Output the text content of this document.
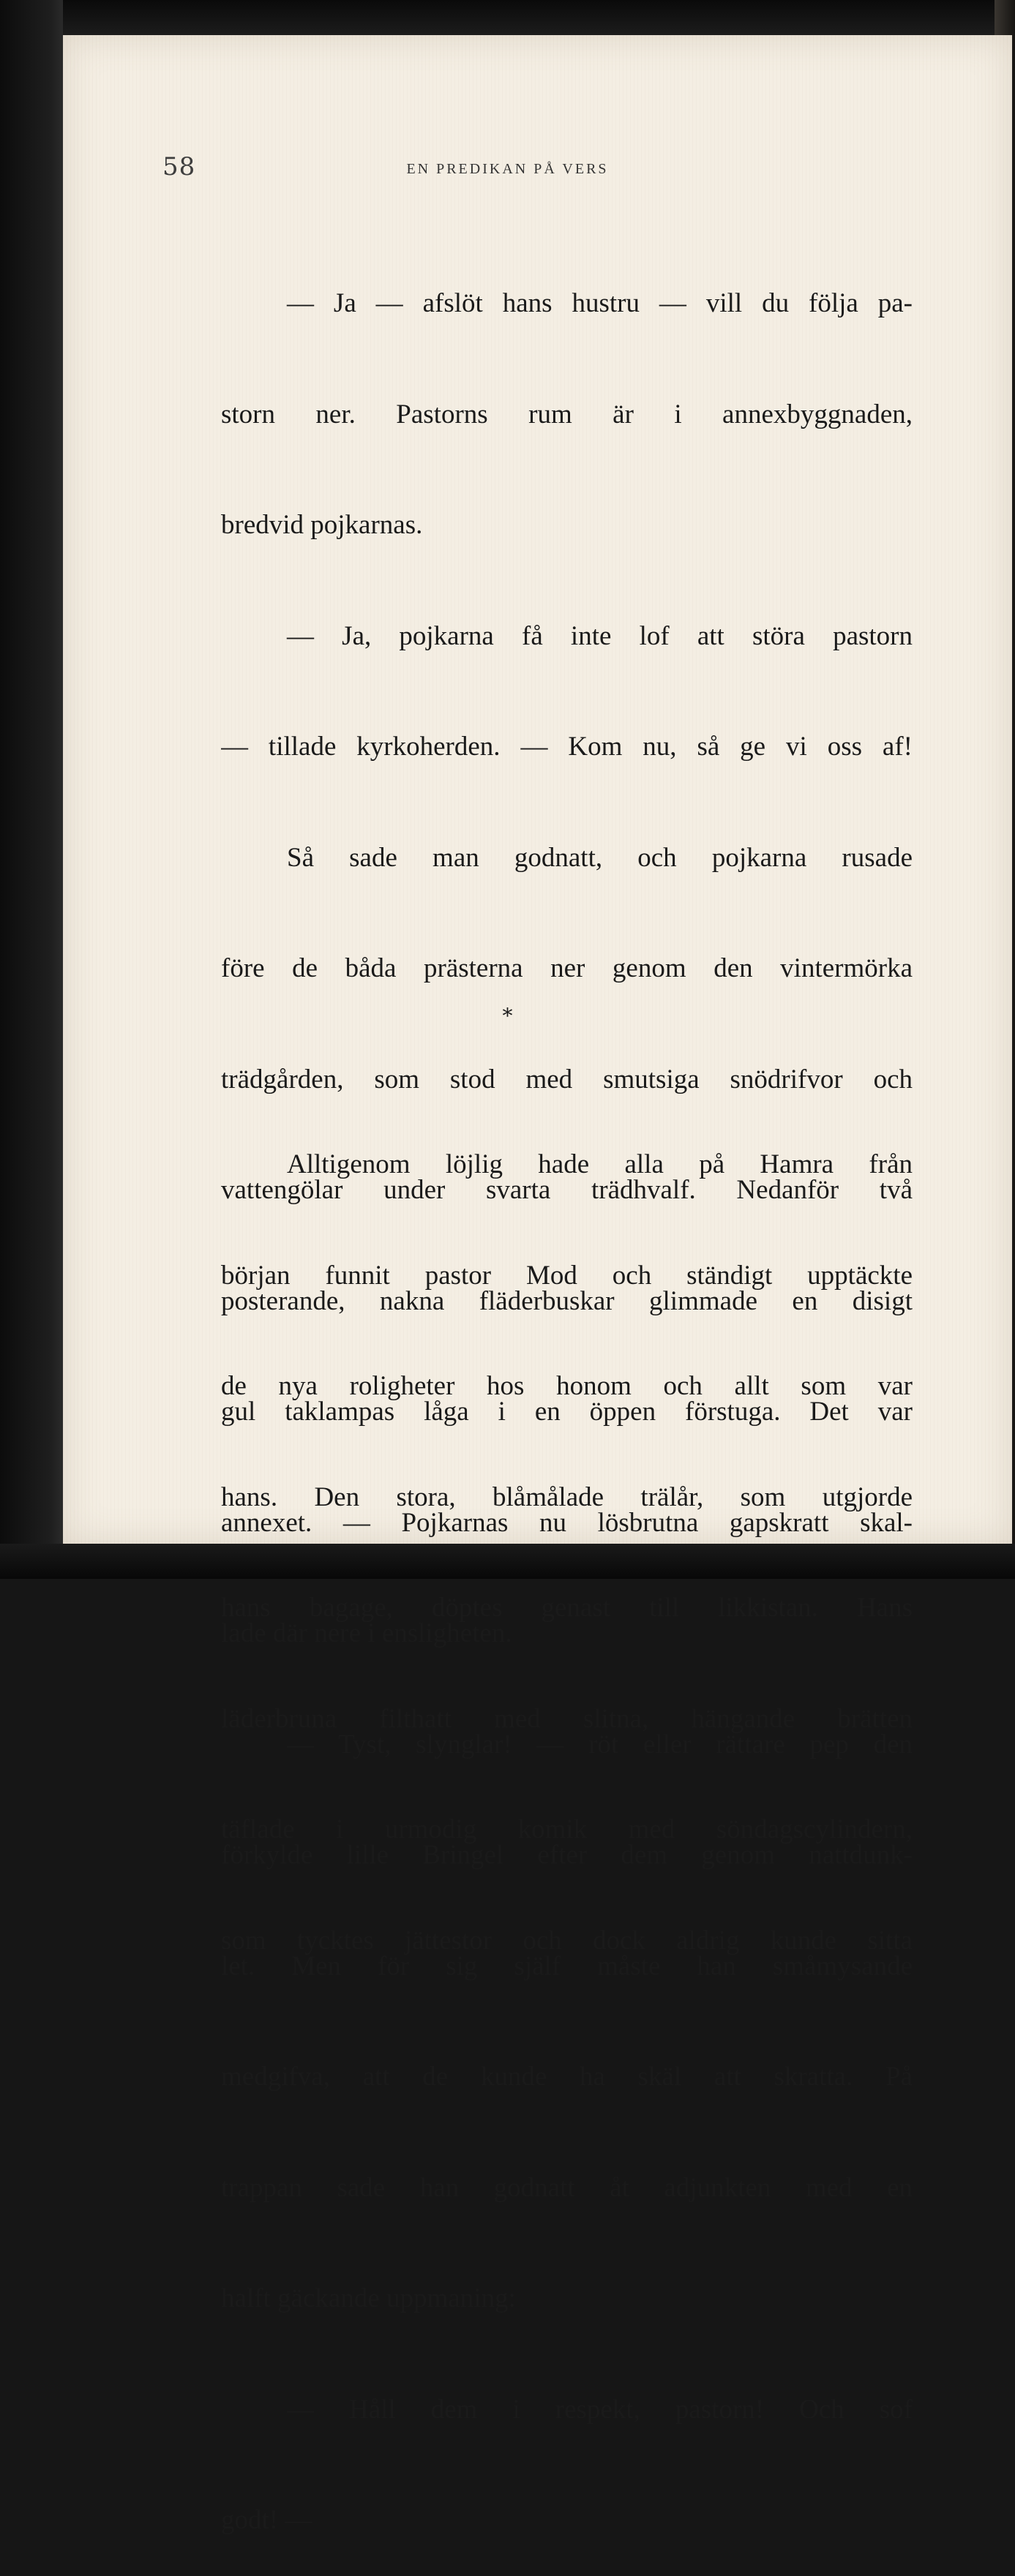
58	EN PREDIKAN PÅ VERS

— Ja — afslöt hans hustru — vill du följa pa-

storn ner. Pastorns rum är i annexbyggnaden,

bredvid pojkarnas.

— Ja, pojkarna få inte lof att störa pastorn

— tillade kyrkoherden. — Kom nu, så ge vi oss af!

Så sade man godnatt, och pojkarna rusade

före de båda prästerna ner genom den vintermörka

trädgården, som stod med smutsiga snödrifvor och

vattengölar under svarta trädhvalf. Nedanför två

posterande, nakna fläderbuskar glimmade en disigt

gul taklampas låga i en öppen förstuga. Det var

annexet. — Pojkarnas nu lösbrutna gapskratt skal-

lade där nere i ensligheten.

— Tyst, slynglar! — röt eller rättare pep den

förkylde lille Bringel efter dem genom nattdunk-

let. Men för sig själf måste han småmysande

medgifva, att de kunde ha skäl att skratta. På

trappan sade han godnatt åt adjunkten med en

halft gäckande uppmaning:

— Håll dem i respekt, pastorn! Och sof

godt! —

*

Alltigenom löjlig hade alla på Hamra från

början funnit pastor Mod och ständigt upptäckte

de nya roligheter hos honom och allt som var

hans. Den stora, blåmålade trälår, som utgjorde

hans bagage, döptes genast till likkistan. Hans

läderbruna filthatt med slitna, hängande brätten

täflade i urmodig komik med söndagscylindern,

som tycktes jättestor och dock aldrig kunde sitta
